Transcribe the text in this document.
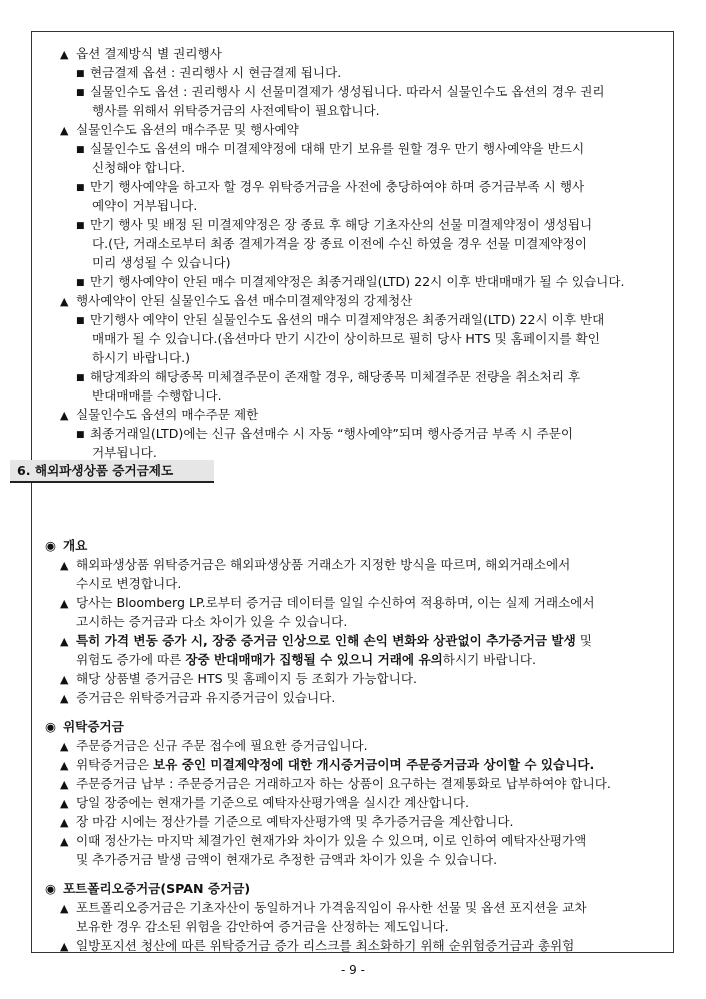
▲ 옵션 결제방식 별 권리행사
■ 현금결제 옵션 : 권리행사 시 현금결제 됩니다.
■ 실물인수도 옵션 : 권리행사 시 선물미결제가 생성됩니다. 따라서 실물인수도 옵션의 경우 권리
행사를 위해서 위탁증거금의 사전예탁이 필요합니다.
▲ 실물인수도 옵션의 매수주문 및 행사예약
■ 실물인수도 옵션의 매수 미결제약정에 대해 만기 보유를 원할 경우 만기 행사예약을 반드시
신청해야 합니다.
■ 만기 행사예약을 하고자 할 경우 위탁증거금을 사전에 충당하여야 하며 증거금부족 시 행사
예약이 거부됩니다.
■ 만기 행사 및 배정 된 미결제약정은 장 종료 후 해당 기초자산의 선물 미결제약정이 생성됩니
다.(단, 거래소로부터 최종 결제가격을 장 종료 이전에 수신 하였을 경우 선물 미결제약정이
미리 생성될 수 있습니다)
■ 만기 행사예약이 안된 매수 미결제약정은 최종거래일(LTD) 22시 이후 반대매매가 될 수 있습니다.
▲ 행사예약이 안된 실물인수도 옵션 매수미결제약정의 강제청산
■ 만기행사 예약이 안된 실물인수도 옵션의 매수 미결제약정은 최종거래일(LTD) 22시 이후 반대
매매가 될 수 있습니다.(옵션마다 만기 시간이 상이하므로 필히 당사 HTS 및 홈페이지를 확인
하시기 바랍니다.)
■ 해당계좌의 해당종목 미체결주문이 존재할 경우, 해당종목 미체결주문 전량을 취소처리 후
반대매매를 수행합니다.
▲ 실물인수도 옵션의 매수주문 제한
■ 최종거래일(LTD)에는 신규 옵션매수 시 자동 “행사예약”되며 행사증거금 부족 시 주문이
거부됩니다.
◉ 개요
▲ 해외파생상품 위탁증거금은 해외파생상품 거래소가 지정한 방식을 따르며, 해외거래소에서
수시로 변경합니다.
▲ 당사는 Bloomberg LP.로부터 증거금 데이터를 일일 수신하여 적용하며, 이는 실제 거래소에서
고시하는 증거금과 다소 차이가 있을 수 있습니다.
▲ 특히 가격 변동 증가 시, 장중 증거금 인상으로 인해 손익 변화와 상관없이 추가증거금 발생 및
위험도 증가에 따른 장중 반대매매가 집행될 수 있으니 거래에 유의하시기 바랍니다.
▲ 해당 상품별 증거금은 HTS 및 홈페이지 등 조회가 가능합니다.
▲ 증거금은 위탁증거금과 유지증거금이 있습니다.
◉ 위탁증거금
▲ 주문증거금은 신규 주문 접수에 필요한 증거금입니다.
▲ 위탁증거금은 보유 중인 미결제약정에 대한 개시증거금이며 주문증거금과 상이할 수 있습니다.
▲ 주문증거금 납부 : 주문증거금은 거래하고자 하는 상품이 요구하는 결제통화로 납부하여야 합니다.
▲ 당일 장중에는 현재가를 기준으로 예탁자산평가액을 실시간 계산합니다.
▲ 장 마감 시에는 정산가를 기준으로 예탁자산평가액 및 추가증거금을 계산합니다.
▲ 이때 정산가는 마지막 체결가인 현재가와 차이가 있을 수 있으며, 이로 인하여 예탁자산평가액
및 추가증거금 발생 금액이 현재가로 추정한 금액과 차이가 있을 수 있습니다.
◉ 포트폴리오증거금(SPAN 증거금)
▲ 포트폴리오증거금은 기초자산이 동일하거나 가격움직임이 유사한 선물 및 옵션 포지션을 교차
보유한 경우 감소된 위험을 감안하여 증거금을 산정하는 제도입니다.
▲ 일방포지션 청산에 따른 위탁증거금 증가 리스크를 최소화하기 위해 순위험증거금과 총위험
6. 해외파생상품 증거금제도
- 9 -
